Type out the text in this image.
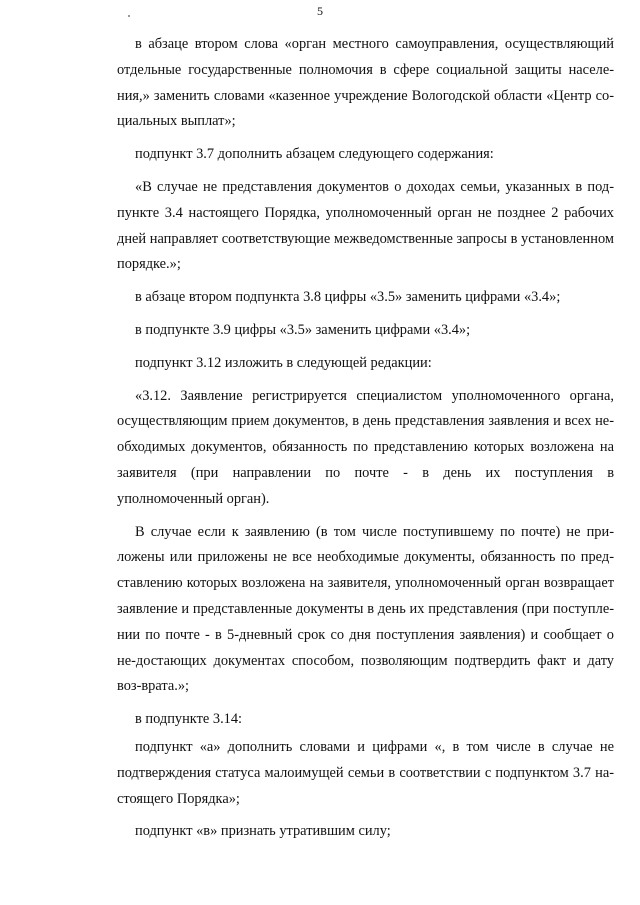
5

в абзаце втором слова «орган местного самоуправления, осуществляющий отдельные государственные полномочия в сфере социальной защиты населе-ния,» заменить словами «казенное учреждение Вологодской области «Центр со-циальных выплат»;

подпункт 3.7 дополнить абзацем следующего содержания:

«В случае не представления документов о доходах семьи, указанных в под-пункте 3.4 настоящего Порядка, уполномоченный орган не позднее 2 рабочих дней направляет соответствующие межведомственные запросы в установленном порядке.»;

в абзаце втором подпункта 3.8 цифры «3.5» заменить цифрами «3.4»;

в подпункте 3.9 цифры «3.5» заменить цифрами «3.4»;

подпункт 3.12 изложить в следующей редакции:

«3.12. Заявление регистрируется специалистом уполномоченного органа, осуществляющим прием документов, в день представления заявления и всех не-обходимых документов, обязанность по представлению которых возложена на заявителя (при направлении по почте - в день их поступления в уполномоченный орган).

В случае если к заявлению (в том числе поступившему по почте) не при-ложены или приложены не все необходимые документы, обязанность по пред-ставлению которых возложена на заявителя, уполномоченный орган возвращает заявление и представленные документы в день их представления (при поступле-нии по почте - в 5-дневный срок со дня поступления заявления) и сообщает о не-достающих документах способом, позволяющим подтвердить факт и дату воз-врата.»;

в подпункте 3.14:

подпункт «а» дополнить словами и цифрами «, в том числе в случае не подтверждения статуса малоимущей семьи в соответствии с подпунктом 3.7 на-стоящего Порядка»;

подпункт «в» признать утратившим силу;
